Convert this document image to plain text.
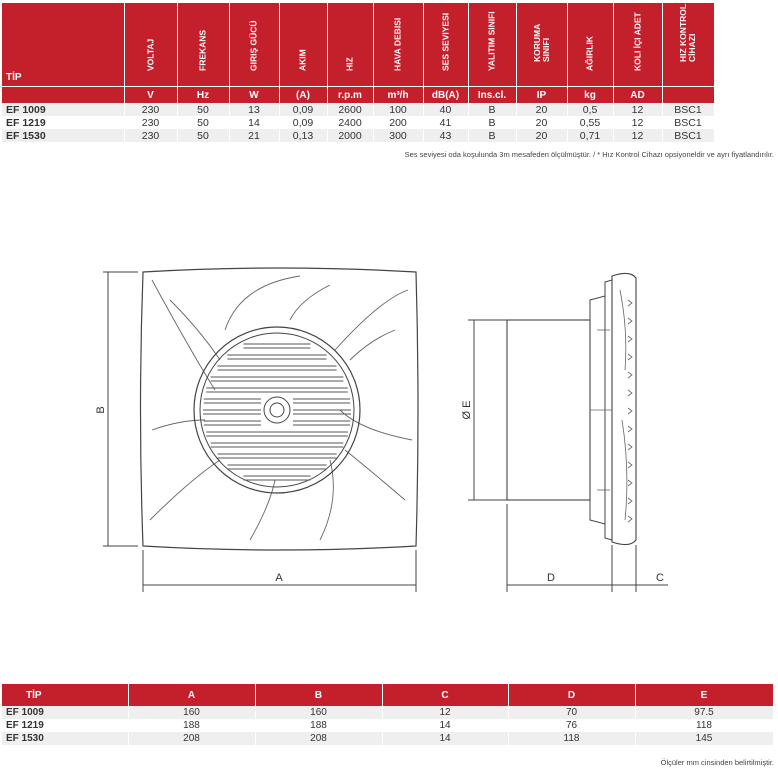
TİP	VOLTAJ	FREKANS	GIRIŞ GÜCÜ	AKIM	HIZ	HAVA DEBISI	SES SEVIYESI	YALITIM SINIFI	KORUMA SINIFI	AĞIRLIK	KOLI İÇI ADET	HIZ KONTROL CİHAZI

	V	Hz	W	(A)	r.p.m	m³/h	dB(A)	Ins.cl.	IP	kg	AD	
EF 1009	230	50	13	0,09	2600	100	40	B	20	0,5	12	BSC1
EF 1219	230	50	14	0,09	2400	200	41	B	20	0,55	12	BSC1
EF 1530	230	50	21	0,13	2000	300	43	B	20	0,71	12	BSC1
Ses seviyesi oda koşulunda 3m mesafeden ölçülmüştür. / * Hız Kontrol Cihazı opsiyoneldir ve ayrı fiyatlandırılır.
A
B	Ø E
D	C
TİP	A	B	C	D	E
EF 1009	160	160	12	70	97.5
EF 1219	188	188	14	76	118
EF 1530	208	208	14	118	145
Ölçüler mm cinsinden belirtilmiştir.
